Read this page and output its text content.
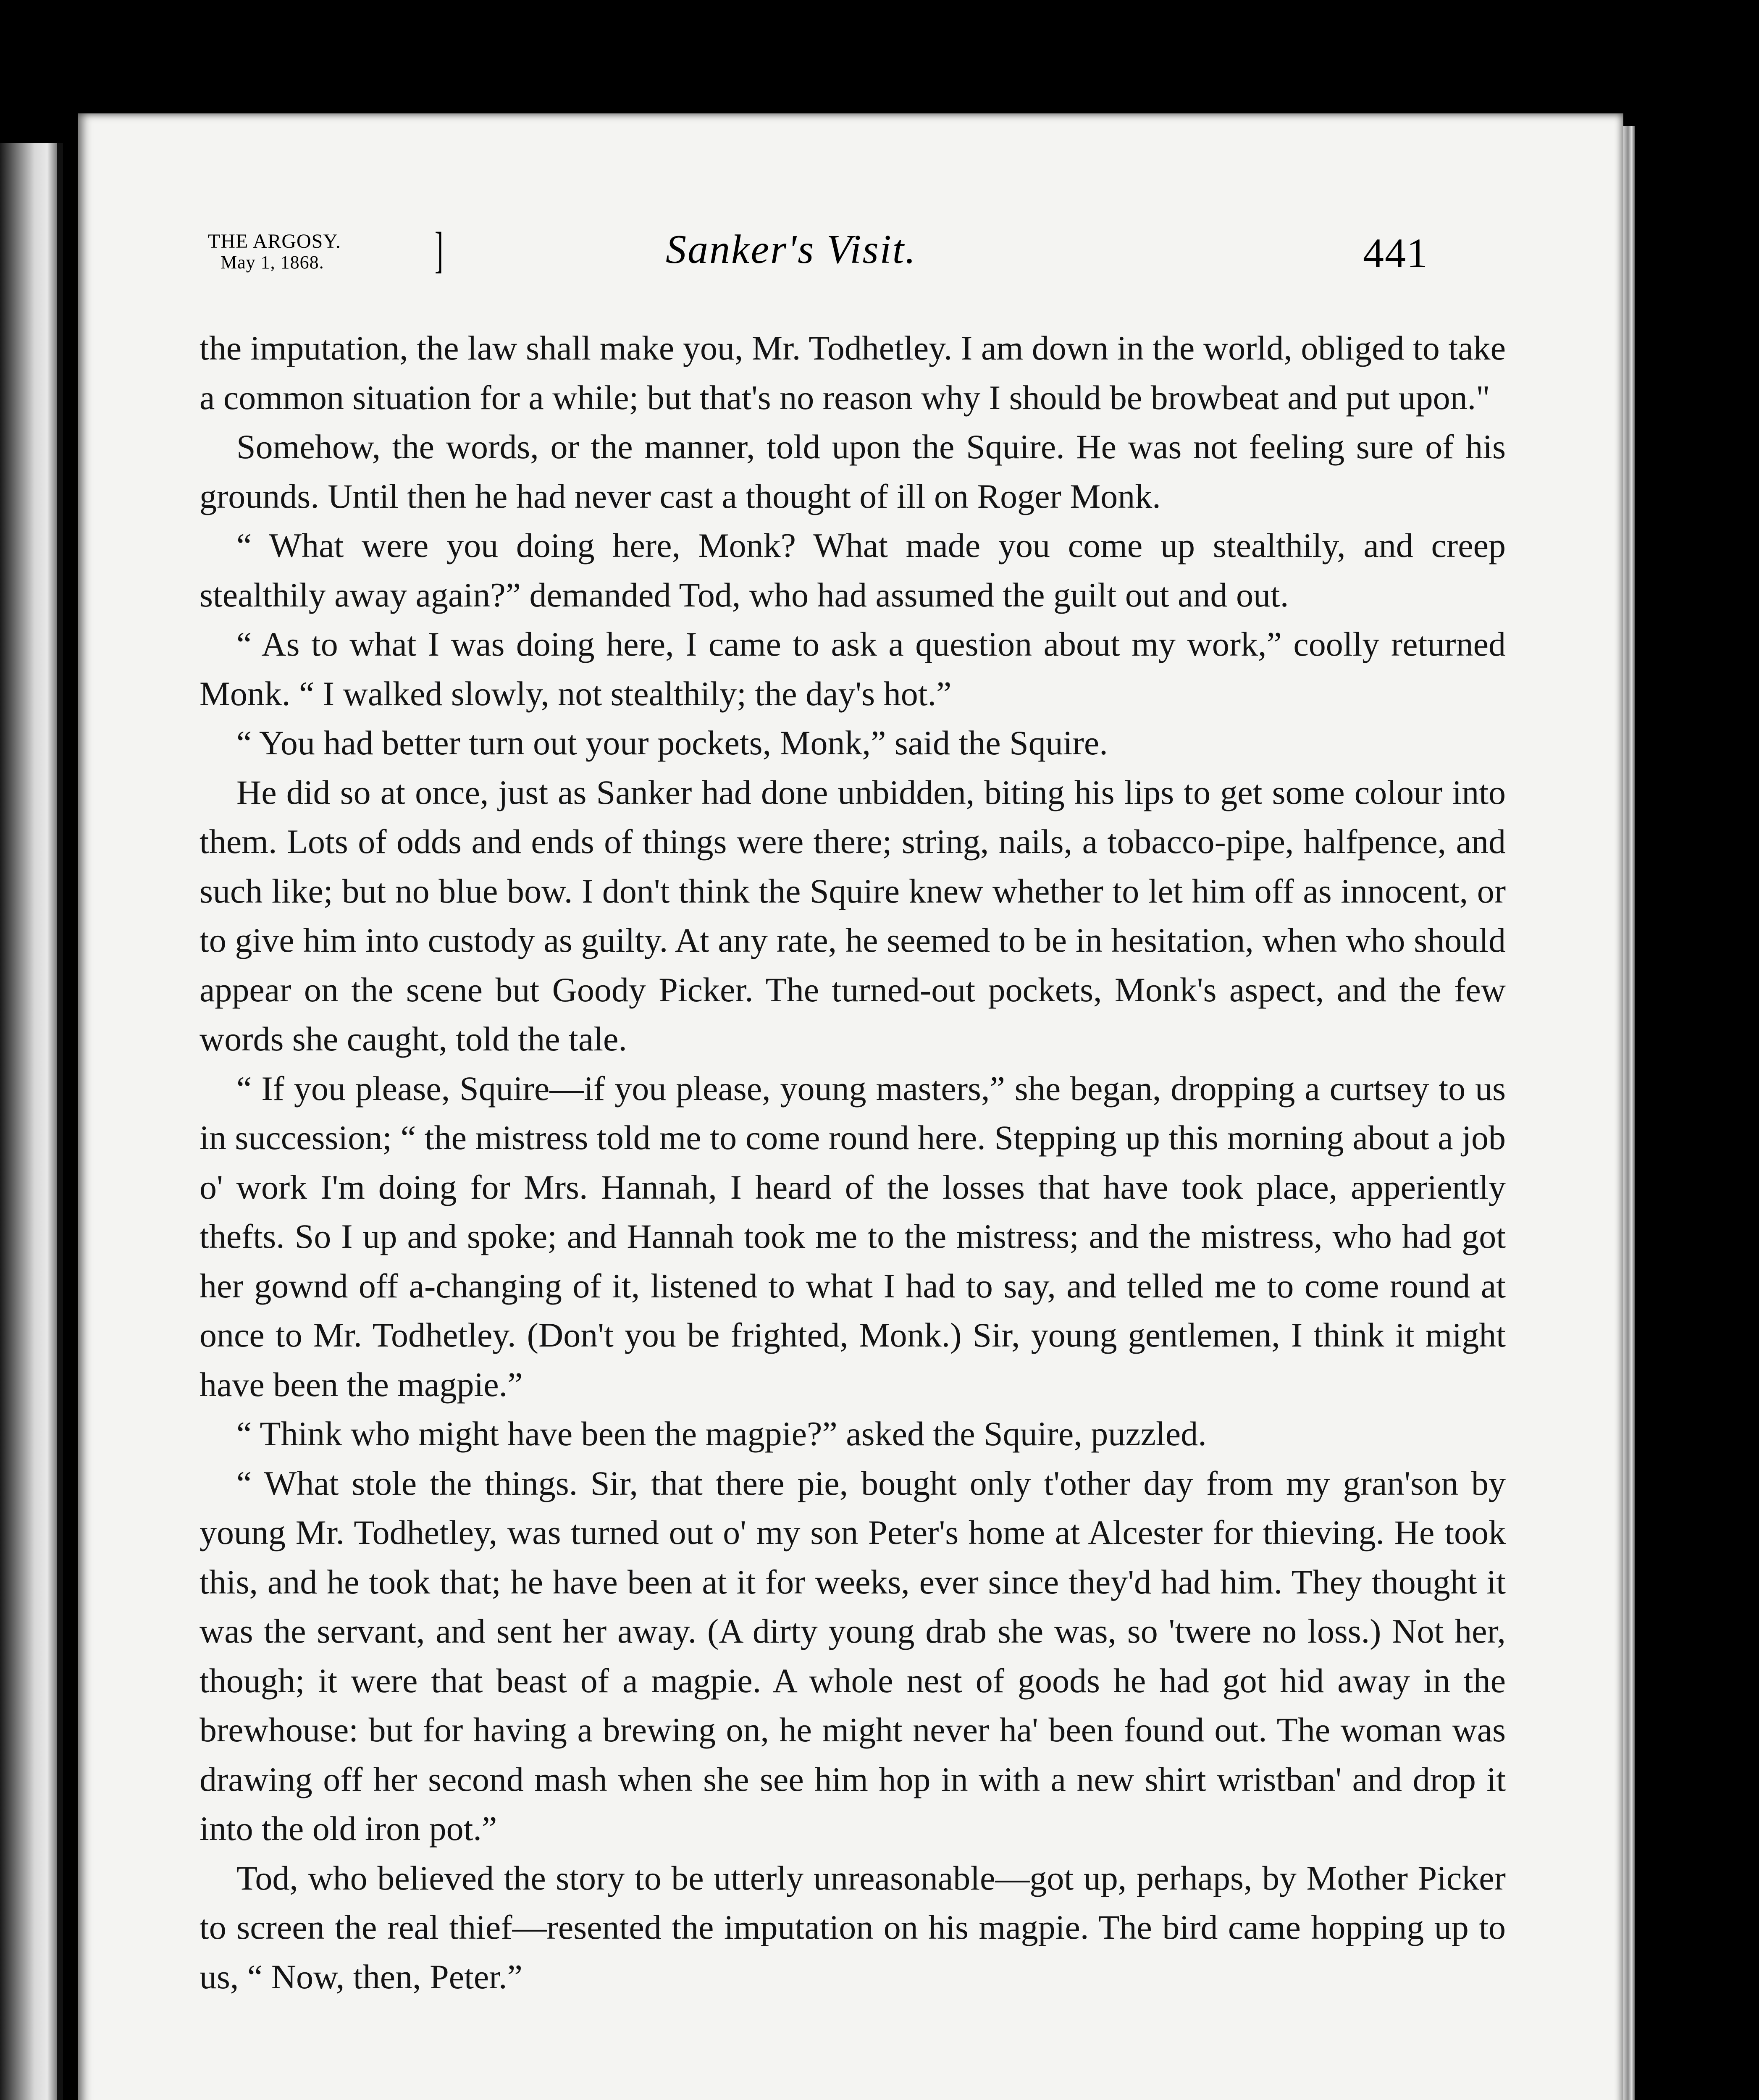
THE ARGOSY.
May 1, 1868.	]	Sanker's Visit.	441

the imputation, the law shall make you, Mr. Todhetley. I am down in the world, obliged to take a common situation for a while; but that's no reason why I should be browbeat and put upon."

Somehow, the words, or the manner, told upon the Squire. He was not feeling sure of his grounds. Until then he had never cast a thought of ill on Roger Monk.

“ What were you doing here, Monk? What made you come up stealthily, and creep stealthily away again?” demanded Tod, who had assumed the guilt out and out.

“ As to what I was doing here, I came to ask a question about my work,” coolly returned Monk. “ I walked slowly, not stealthily; the day's hot.”

“ You had better turn out your pockets, Monk,” said the Squire.

He did so at once, just as Sanker had done unbidden, biting his lips to get some colour into them. Lots of odds and ends of things were there; string, nails, a tobacco-pipe, halfpence, and such like; but no blue bow. I don't think the Squire knew whether to let him off as innocent, or to give him into custody as guilty. At any rate, he seemed to be in hesitation, when who should appear on the scene but Goody Picker. The turned-out pockets, Monk's aspect, and the few words she caught, told the tale.

“ If you please, Squire—if you please, young masters,” she began, dropping a curtsey to us in succession; “ the mistress told me to come round here. Stepping up this morning about a job o' work I'm doing for Mrs. Hannah, I heard of the losses that have took place, apperiently thefts. So I up and spoke; and Hannah took me to the mistress; and the mistress, who had got her gownd off a-changing of it, listened to what I had to say, and telled me to come round at once to Mr. Todhetley. (Don't you be frighted, Monk.) Sir, young gentlemen, I think it might have been the magpie.”

“ Think who might have been the magpie?” asked the Squire, puzzled.

“ What stole the things. Sir, that there pie, bought only t'other day from my gran'son by young Mr. Todhetley, was turned out o' my son Peter's home at Alcester for thieving. He took this, and he took that; he have been at it for weeks, ever since they'd had him. They thought it was the servant, and sent her away. (A dirty young drab she was, so 'twere no loss.) Not her, though; it were that beast of a magpie. A whole nest of goods he had got hid away in the brewhouse: but for having a brewing on, he might never ha' been found out. The woman was drawing off her second mash when she see him hop in with a new shirt wristban' and drop it into the old iron pot.”

Tod, who believed the story to be utterly unreasonable—got up, perhaps, by Mother Picker to screen the real thief—resented the imputation on his magpie. The bird came hopping up to us, “ Now, then, Peter.”
